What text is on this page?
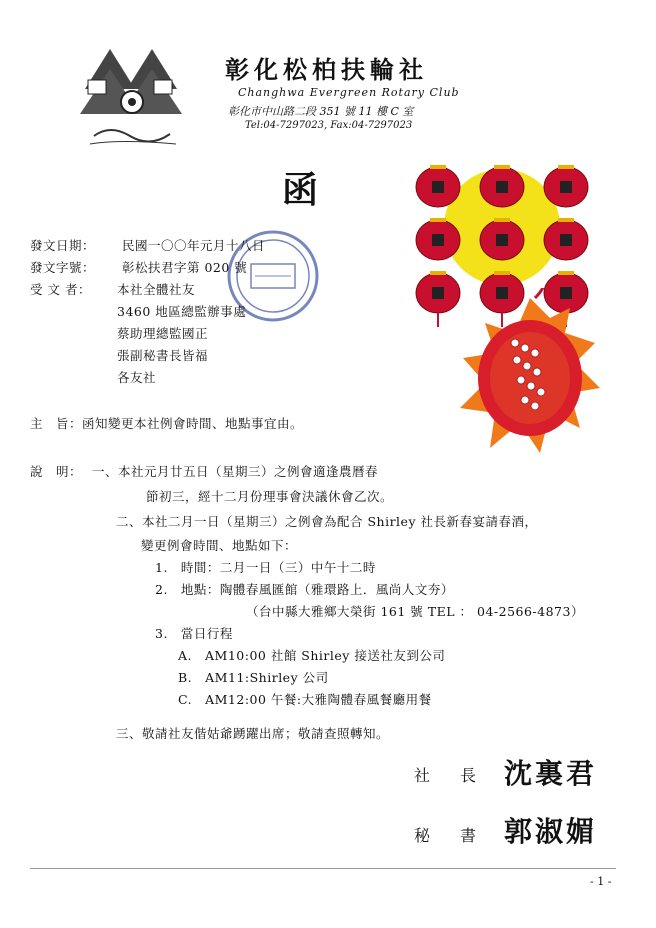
彰化松柏扶輪社
Changhwa Evergreen Rotary Club
彰化市中山路二段 351 號 11 樓 C 室
Tel:04-7297023, Fax:04-7297023
函
發文日期： 民國一〇〇年元月十八日
發文字號： 彰松扶君字第 020 號
受 文 者：	本社全體社友
3460 地區總監辦事處
蔡助理總監國正
張副秘書長皆福
各友社
主　旨：函知變更本社例會時間、地點事宜由。
說　明： 一、本社元月廿五日（星期三）之例會適逢農曆春
節初三，經十二月份理事會決議休會乙次。
二、本社二月一日（星期三）之例會為配合 Shirley 社長新春宴請春酒，
變更例會時間、地點如下：
1.　時間：二月一日（三）中午十二時
2.　地點：陶體春風匯館（雅環路上．風尚人文夯）
（台中縣大雅鄉大榮街 161 號 TEL ： 04-2566-4873）
3.　當日行程
A.　AM10:00 社館 Shirley 接送社友到公司
B.　AM11:Shirley 公司
C.　AM12:00 午餐:大雅陶體春風餐廳用餐
三、敬請社友偕姑爺踴躍出席；敬請查照轉知。
社長
沈裏君
秘書
郭淑媚
- 1 -
